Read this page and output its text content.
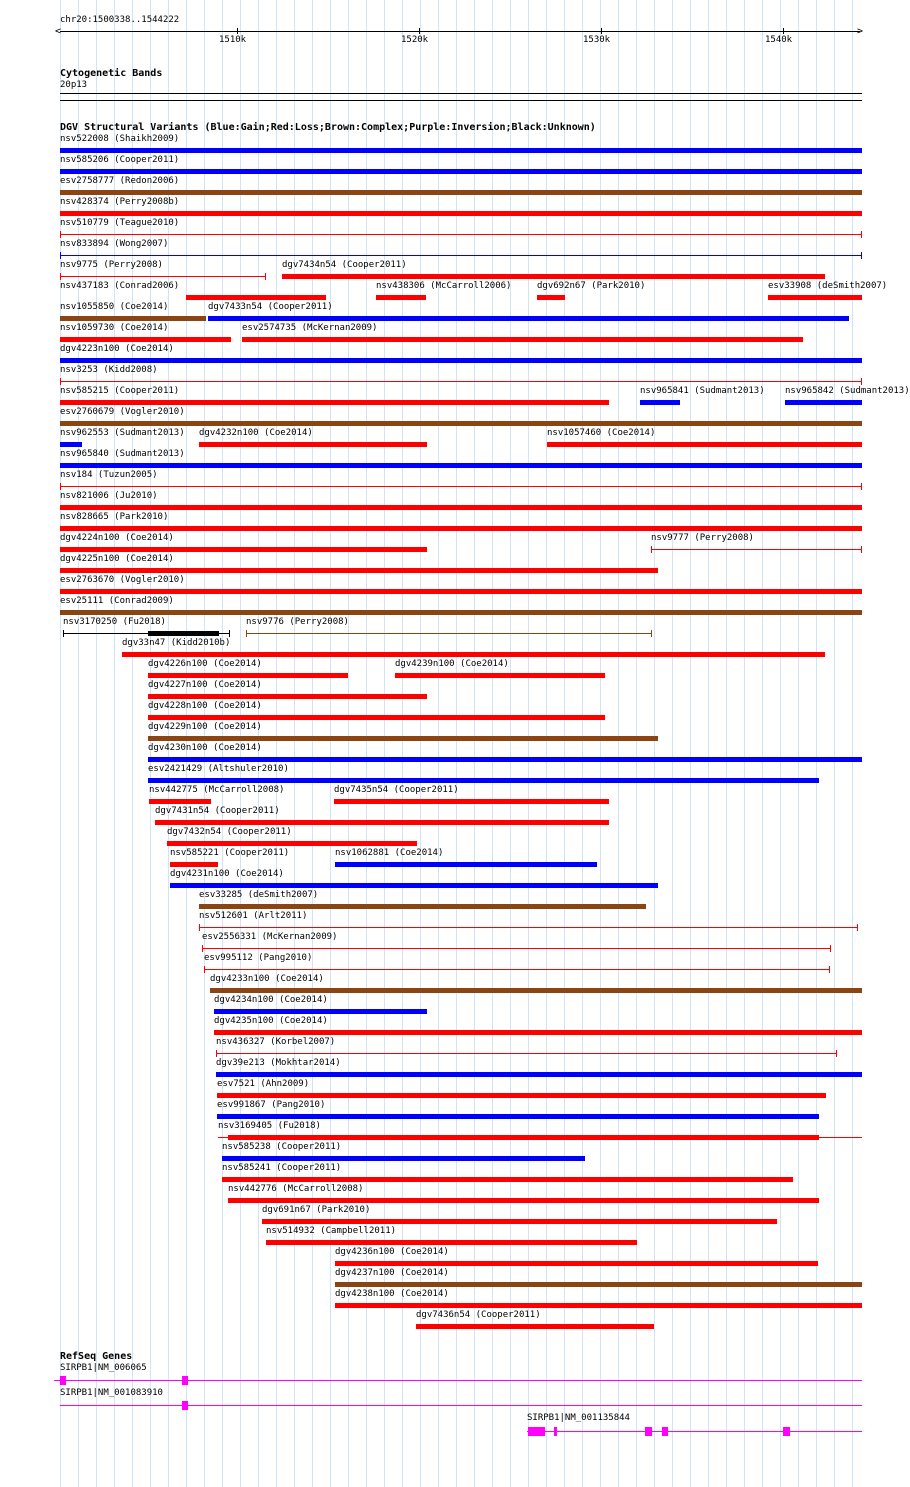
chr20:1500338..1544222
<	>
1510k	1520k	1530k	1540k
Cytogenetic Bands
20p13
DGV Structural Variants (Blue:Gain;Red:Loss;Brown:Complex;Purple:Inversion;Black:Unknown)
nsv522008 (Shaikh2009)
nsv585206 (Cooper2011)
esv2758777 (Redon2006)
nsv428374 (Perry2008b)
nsv510779 (Teague2010)
nsv833894 (Wong2007)
nsv9775 (Perry2008)	dgv7434n54 (Cooper2011)
nsv437183 (Conrad2006)	nsv438306 (McCarroll2006)	dgv692n67 (Park2010)	esv33908 (deSmith2007)
nsv1055850 (Coe2014)	dgv7433n54 (Cooper2011)
nsv1059730 (Coe2014)	esv2574735 (McKernan2009)
dgv4223n100 (Coe2014)
nsv3253 (Kidd2008)
nsv585215 (Cooper2011)	nsv965841 (Sudmant2013) nsv965842 (Sudmant2013)
esv2760679 (Vogler2010)
nsv962553 (Sudmant2013) dgv4232n100 (Coe2014)	nsv1057460 (Coe2014)
nsv965840 (Sudmant2013)
nsv184 (Tuzun2005)
nsv821006 (Ju2010)
nsv828665 (Park2010)
dgv4224n100 (Coe2014)	nsv9777 (Perry2008)
dgv4225n100 (Coe2014)
esv2763670 (Vogler2010)
esv25111 (Conrad2009)
nsv3170250 (Fu2018)	nsv9776 (Perry2008)
dgv33n47 (Kidd2010b)
dgv4226n100 (Coe2014)	dgv4239n100 (Coe2014)
dgv4227n100 (Coe2014)
dgv4228n100 (Coe2014)
dgv4229n100 (Coe2014)
dgv4230n100 (Coe2014)
esv2421429 (Altshuler2010)
nsv442775 (McCarroll2008)	dgv7435n54 (Cooper2011)
dgv7431n54 (Cooper2011)
dgv7432n54 (Cooper2011)
nsv585221 (Cooper2011)	nsv1062881 (Coe2014)
dgv4231n100 (Coe2014)
esv33285 (deSmith2007)
nsv512601 (Arlt2011)
esv2556331 (McKernan2009)
esv995112 (Pang2010)
dgv4233n100 (Coe2014)
dgv4234n100 (Coe2014)
dgv4235n100 (Coe2014)
nsv436327 (Korbel2007)
dgv39e213 (Mokhtar2014)
esv7521 (Ahn2009)
esv991867 (Pang2010)
nsv3169405 (Fu2018)
nsv585238 (Cooper2011)
nsv585241 (Cooper2011)
nsv442776 (McCarroll2008)
dgv691n67 (Park2010)
nsv514932 (Campbell2011)
dgv4236n100 (Coe2014)
dgv4237n100 (Coe2014)
dgv4238n100 (Coe2014)
dgv7436n54 (Cooper2011)
RefSeq Genes
SIRPB1|NM_006065
SIRPB1|NM_001083910
SIRPB1|NM_001135844
